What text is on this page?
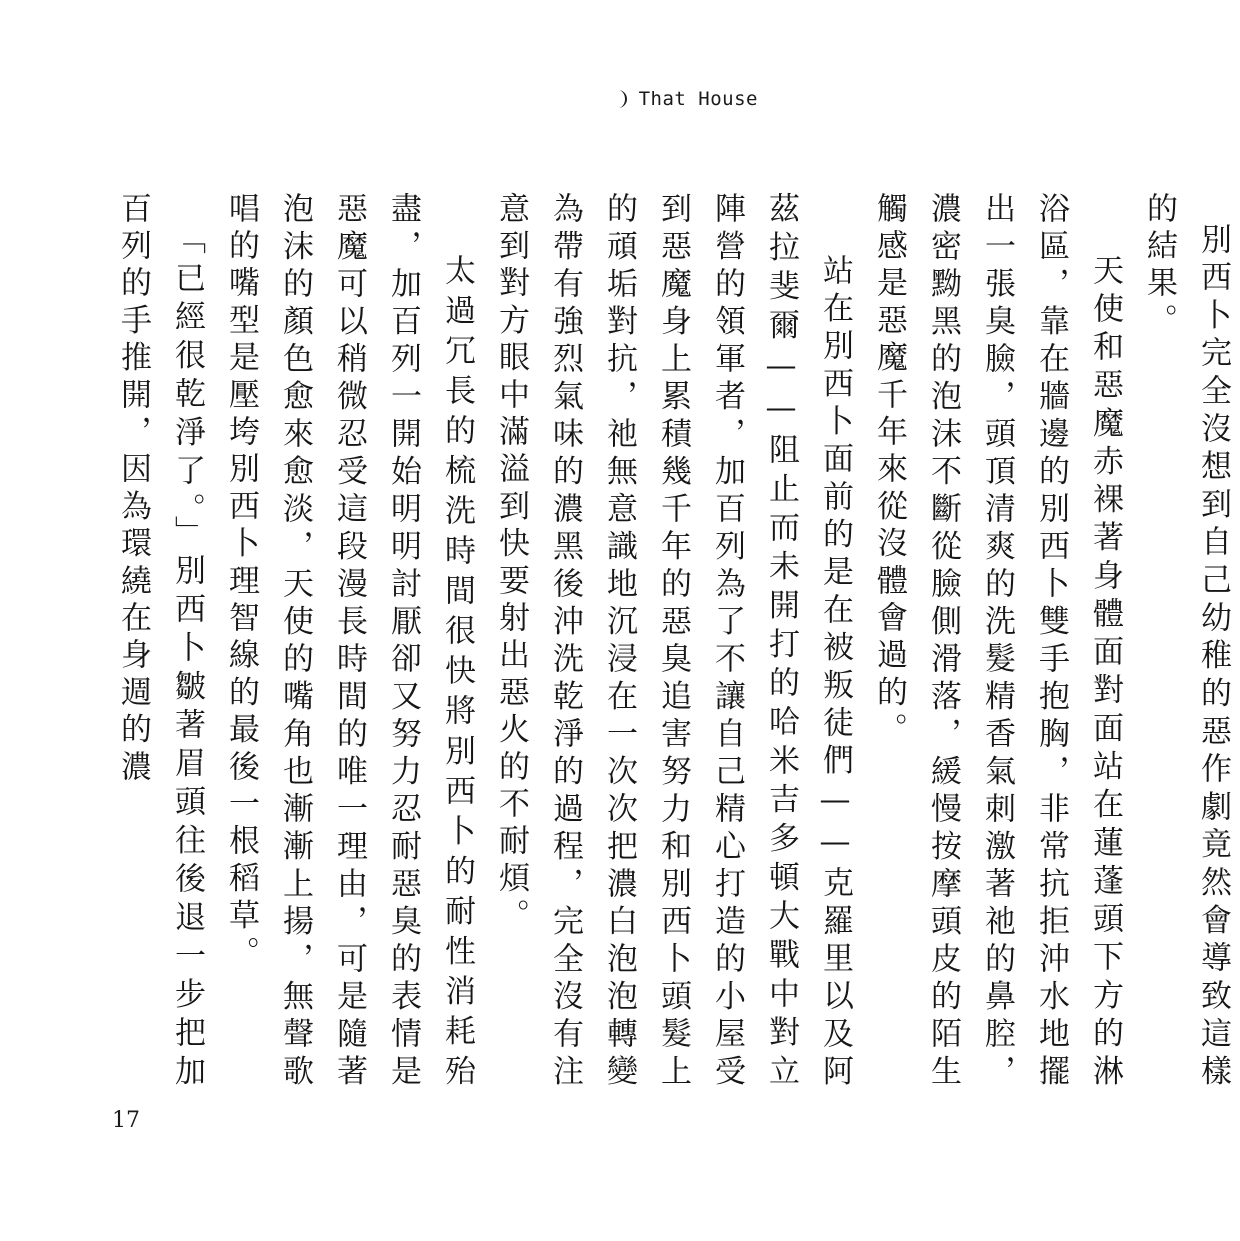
That House

別西卜完全沒想到自己幼稚的惡作劇竟然會導致這樣的結果。

天使和惡魔赤裸著身體面對面站在蓮蓬頭下方的淋浴區，靠在牆邊的別西卜雙手抱胸，非常抗拒沖水地擺出一張臭臉，頭頂清爽的洗髮精香氣刺激著祂的鼻腔，濃密黝黑的泡沫不斷從臉側滑落，緩慢按摩頭皮的陌生觸感是惡魔千年來從沒體會過的。

站在別西卜面前的是在被叛徒們——克羅里以及阿茲拉斐爾——阻止而未開打的哈米吉多頓大戰中對立陣營的領軍者，加百列為了不讓自己精心打造的小屋受到惡魔身上累積幾千年的惡臭追害努力和別西卜頭髮上的頑垢對抗，祂無意識地沉浸在一次次把濃白泡泡轉變為帶有強烈氣味的濃黑後沖洗乾淨的過程，完全沒有注意到對方眼中滿溢到快要射出惡火的不耐煩。

太過冗長的梳洗時間很快將別西卜的耐性消耗殆盡，加百列一開始明明討厭卻又努力忍耐惡臭的表情是惡魔可以稍微忍受這段漫長時間的唯一理由，可是隨著泡沫的顏色愈來愈淡，天使的嘴角也漸漸上揚，無聲歌唱的嘴型是壓垮別西卜理智線的最後一根稻草。

「已經很乾淨了。」別西卜皺著眉頭往後退一步把加百列的手推開，因為環繞在身週的濃

17
